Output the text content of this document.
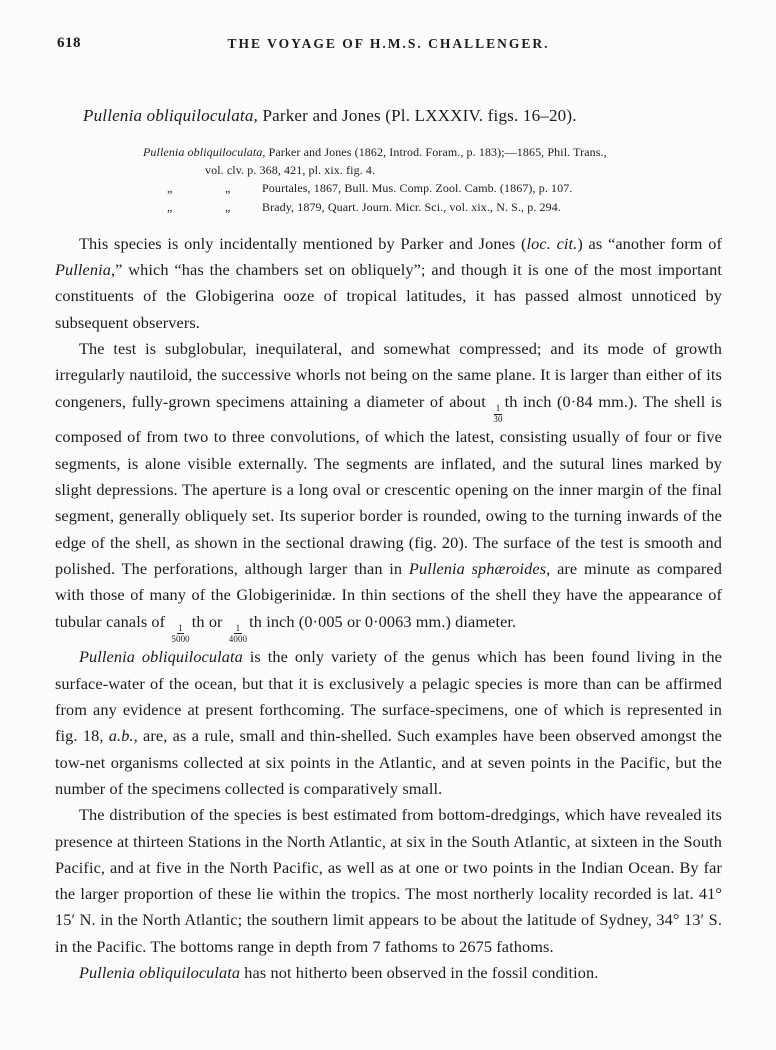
618	THE VOYAGE OF H.M.S. CHALLENGER.
Pullenia obliquiloculata, Parker and Jones (Pl. LXXXIV. figs. 16–20).
Pullenia obliquiloculata, Parker and Jones (1862, Introd. Foram., p. 183);—1865, Phil. Trans.,
vol. clv. p. 368, 421, pl. xix. fig. 4.
„	„	Pourtales, 1867, Bull. Mus. Comp. Zool. Camb. (1867), p. 107.
„	„	Brady, 1879, Quart. Journ. Micr. Sci., vol. xix., N. S., p. 294.

This species is only incidentally mentioned by Parker and Jones (loc. cit.) as “another form of Pullenia,” which “has the chambers set on obliquely”; and though it is one of the most important constituents of the Globigerina ooze of tropical latitudes, it has passed almost unnoticed by subsequent observers.

The test is subglobular, inequilateral, and somewhat compressed; and its mode of growth irregularly nautiloid, the successive whorls not being on the same plane. It is larger than either of its congeners, fully-grown specimens attaining a diameter of about
$\frac{1}{30}$
th inch (0·84 mm.). The shell is composed of from two to three convolutions, of which the latest, consisting usually of four or five segments, is alone visible externally. The segments are inflated, and the sutural lines marked by slight depressions. The aperture is a long oval or crescentic opening on the inner margin of the final segment, generally obliquely set. Its superior border is rounded, owing to the turning inwards of the edge of the shell, as shown in the sectional drawing (fig. 20). The surface of the test is smooth and polished. The perforations, although larger than in Pullenia sphæroides, are minute as compared with those of many of the Globigerinidæ. In thin sections of the shell they have the appearance of tubular canals of
$\frac{1}{5000}$
th or
$\frac{1}{4000}$
th inch (0·005 or 0·0063 mm.) diameter.

Pullenia obliquiloculata is the only variety of the genus which has been found living in the surface-water of the ocean, but that it is exclusively a pelagic species is more than can be affirmed from any evidence at present forthcoming. The surface-specimens, one of which is represented in fig. 18, a.b., are, as a rule, small and thin-shelled. Such examples have been observed amongst the tow-net organisms collected at six points in the Atlantic, and at seven points in the Pacific, but the number of the specimens collected is comparatively small.

The distribution of the species is best estimated from bottom-dredgings, which have revealed its presence at thirteen Stations in the North Atlantic, at six in the South Atlantic, at sixteen in the South Pacific, and at five in the North Pacific, as well as at one or two points in the Indian Ocean. By far the larger proportion of these lie within the tropics. The most northerly locality recorded is lat. 41° 15′ N. in the North Atlantic; the southern limit appears to be about the latitude of Sydney, 34° 13′ S. in the Pacific. The bottoms range in depth from 7 fathoms to 2675 fathoms.

Pullenia obliquiloculata has not hitherto been observed in the fossil condition.
